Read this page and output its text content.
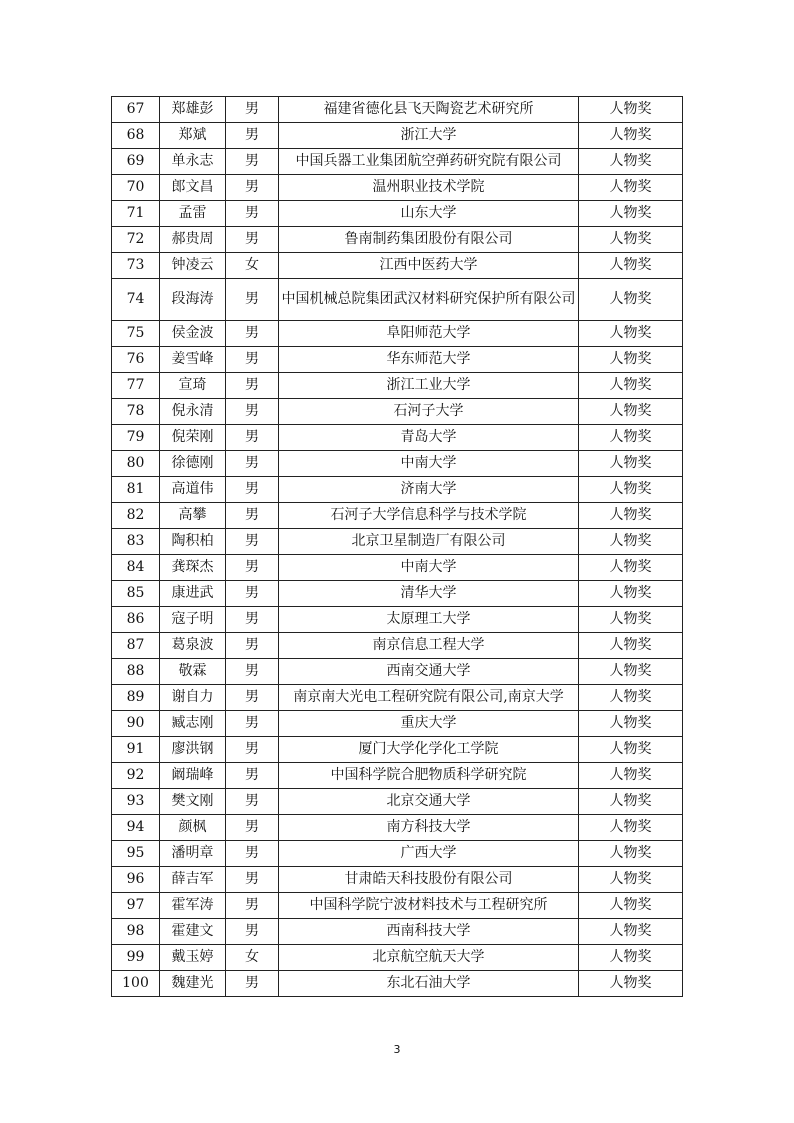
67	郑雄彭	男	福建省德化县飞天陶瓷艺术研究所	人物奖
68	郑斌	男	浙江大学	人物奖
69	单永志	男	中国兵器工业集团航空弹药研究院有限公司	人物奖
70	郎文昌	男	温州职业技术学院	人物奖
71	孟雷	男	山东大学	人物奖
72	郝贵周	男	鲁南制药集团股份有限公司	人物奖
73	钟凌云	女	江西中医药大学	人物奖
74	段海涛	男	中国机械总院集团武汉材料研究保护所有限公司	人物奖
75	侯金波	男	阜阳师范大学	人物奖
76	姜雪峰	男	华东师范大学	人物奖
77	宣琦	男	浙江工业大学	人物奖
78	倪永清	男	石河子大学	人物奖
79	倪荣刚	男	青岛大学	人物奖
80	徐德刚	男	中南大学	人物奖
81	高道伟	男	济南大学	人物奖
82	高攀	男	石河子大学信息科学与技术学院	人物奖
83	陶积柏	男	北京卫星制造厂有限公司	人物奖
84	龚琛杰	男	中南大学	人物奖
85	康进武	男	清华大学	人物奖
86	寇子明	男	太原理工大学	人物奖
87	葛泉波	男	南京信息工程大学	人物奖
88	敬霖	男	西南交通大学	人物奖
89	谢自力	男	南京南大光电工程研究院有限公司,南京大学	人物奖
90	臧志刚	男	重庆大学	人物奖
91	廖洪钢	男	厦门大学化学化工学院	人物奖
92	阚瑞峰	男	中国科学院合肥物质科学研究院	人物奖
93	樊文刚	男	北京交通大学	人物奖
94	颜枫	男	南方科技大学	人物奖
95	潘明章	男	广西大学	人物奖
96	薛吉军	男	甘肃皓天科技股份有限公司	人物奖
97	霍军涛	男	中国科学院宁波材料技术与工程研究所	人物奖
98	霍建文	男	西南科技大学	人物奖
99	戴玉婷	女	北京航空航天大学	人物奖
100	魏建光	男	东北石油大学	人物奖
3
